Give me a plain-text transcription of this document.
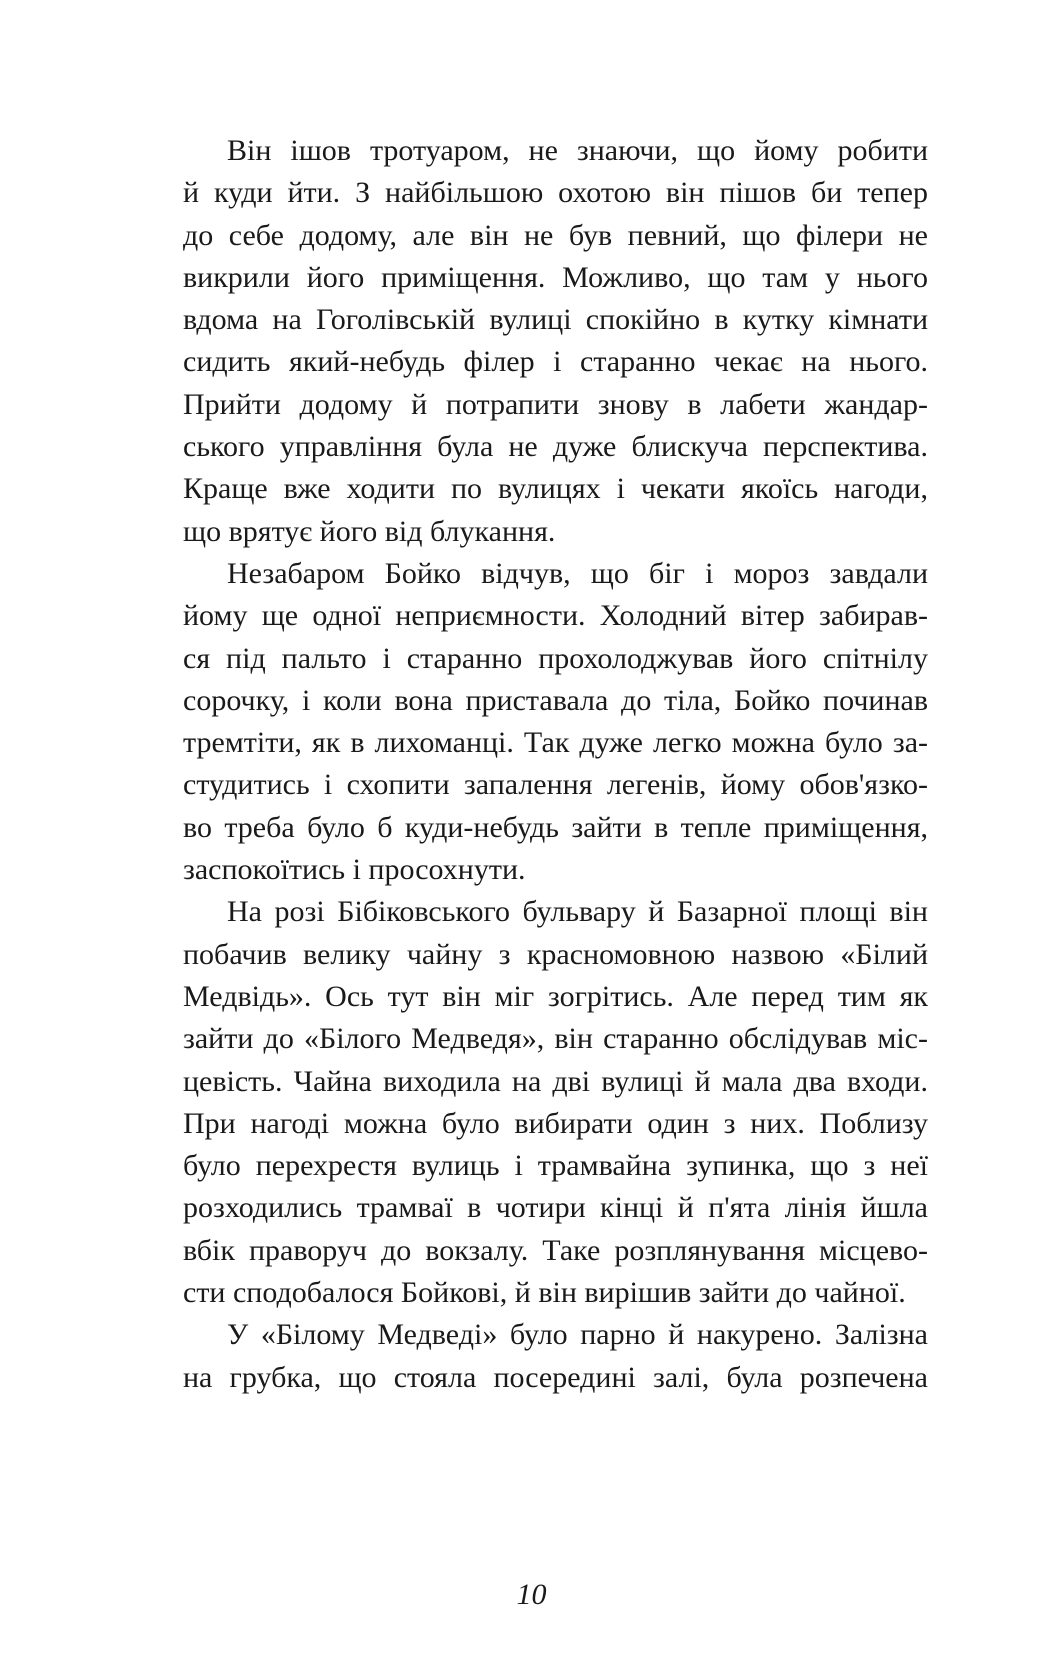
Він ішов тротуаром, не знаючи, що йому робити
й куди йти. З найбільшою охотою він пішов би тепер
до себе додому, але він не був певний, що філери не
викрили його приміщення. Можливо, що там у нього
вдома на Гоголівській вулиці спокійно в кутку кімнати
сидить який-небудь філер і старанно чекає на нього.
Прийти додому й потрапити знову в лабети жандар-
ського управління була не дуже блискуча перспектива.
Краще вже ходити по вулицях і чекати якоїсь нагоди,
що врятує його від блукання.
Незабаром Бойко відчув, що біг і мороз завдали
йому ще одної неприємности. Холодний вітер забирав-
ся під пальто і старанно прохолоджував його спітнілу
сорочку, і коли вона приставала до тіла, Бойко починав
тремтіти, як в лихоманці. Так дуже легко можна було за-
студитись і схопити запалення легенів, йому обов'язко-
во треба було б куди-небудь зайти в тепле приміщення,
заспокоїтись і просохнути.
На розі Бібіковського бульвару й Базарної площі він
побачив велику чайну з красномовною назвою «Білий
Медвідь». Ось тут він міг зогрітись. Але перед тим як
зайти до «Білого Медведя», він старанно обслідував міс-
цевість. Чайна виходила на дві вулиці й мала два входи.
При нагоді можна було вибирати один з них. Поблизу
було перехрестя вулиць і трамвайна зупинка, що з неї
розходились трамваї в чотири кінці й п'ята лінія йшла
вбік праворуч до вокзалу. Таке розплянування місцево-
сти сподобалося Бойкові, й він вирішив зайти до чайної.
У «Білому Медведі» було парно й накурено. Залізна
на грубка, що стояла посередині залі, була розпечена
10
